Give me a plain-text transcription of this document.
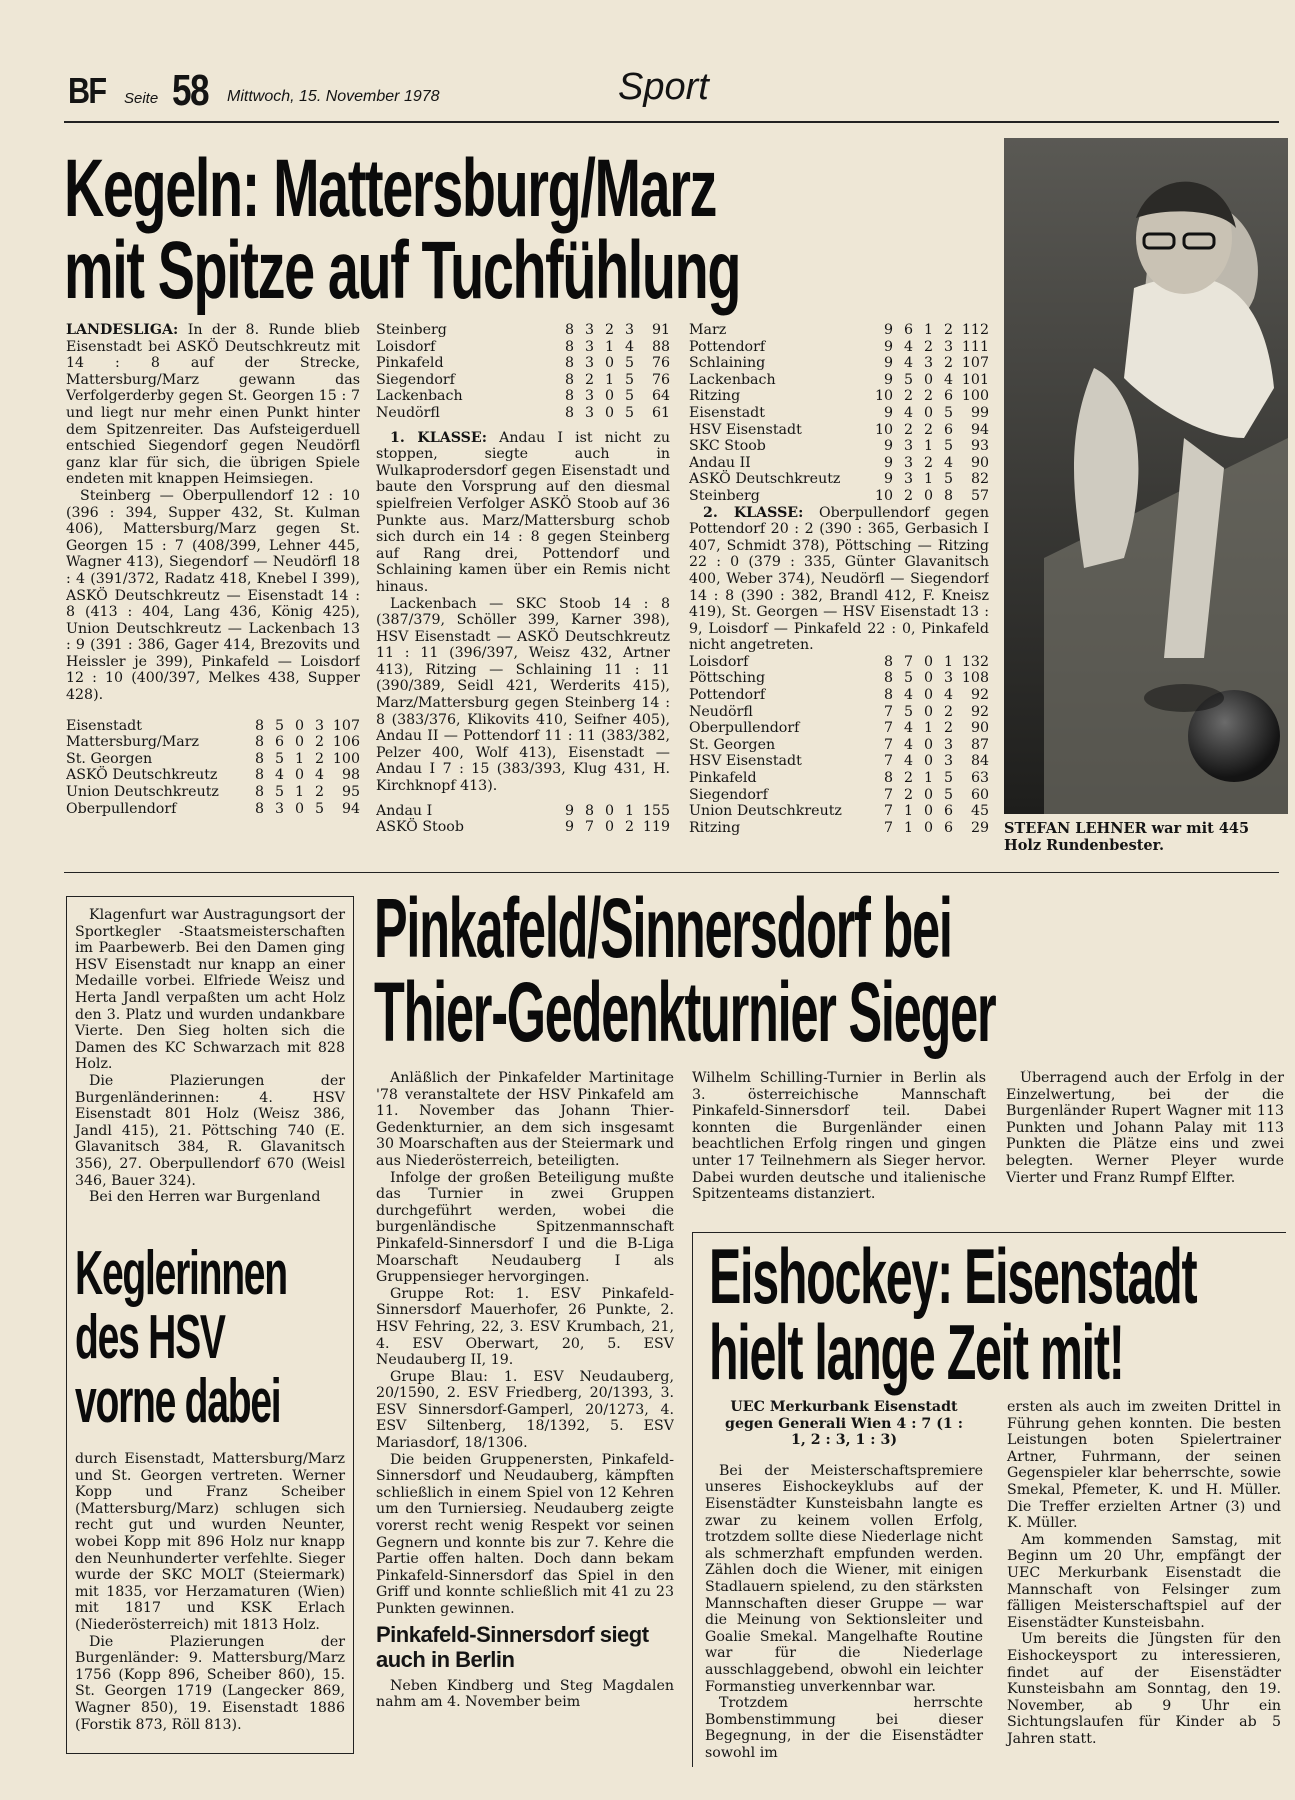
BF Seite 58 Mittwoch, 15. November 1978	Sport
Kegeln: Mattersburg/Marz
mit Spitze auf Tuchfühlung
STEFAN LEHNER war mit 445 Holz Rundenbester.

LANDESLIGA: In der 8. Runde blieb Eisenstadt bei ASKÖ Deutschkreutz mit 14 : 8 auf der Strecke, Mattersburg/Marz gewann das Verfolgerderby gegen St. Georgen 15 : 7 und liegt nur mehr einen Punkt hinter dem Spitzenreiter. Das Aufsteigerduell entschied Siegendorf gegen Neudörfl ganz klar für sich, die übrigen Spiele endeten mit knappen Heimsiegen.

Steinberg — Oberpullendorf 12 : 10 (396 : 394, Supper 432, St. Kulman 406), Mattersburg/Marz gegen St. Georgen 15 : 7 (408/399, Lehner 445, Wagner 413), Siegendorf — Neudörfl 18 : 4 (391/372, Radatz 418, Knebel I 399), ASKÖ Deutschkreutz — Eisenstadt 14 : 8 (413 : 404, Lang 436, König 425), Union Deutschkreutz — Lackenbach 13 : 9 (391 : 386, Gager 414, Brezovits und Heissler je 399), Pinkafeld — Loisdorf 12 : 10 (400/397, Melkes 438, Supper 428).

Eisenstadt	8	5	0	3	107
Mattersburg/Marz	8	6	0	2	106
St. Georgen	8	5	1	2	100
ASKÖ Deutschkreutz	8	4	0	4	98
Union Deutschkreutz	8	5	1	2	95
Oberpullendorf	8	3	0	5	94
Steinberg	8	3	2	3	91
Loisdorf	8	3	1	4	88
Pinkafeld	8	3	0	5	76
Siegendorf	8	2	1	5	76
Lackenbach	8	3	0	5	64
Neudörfl	8	3	0	5	61

1. KLASSE: Andau I ist nicht zu stoppen, siegte auch in Wulkaprodersdorf gegen Eisenstadt und baute den Vorsprung auf den diesmal spielfreien Verfolger ASKÖ Stoob auf 36 Punkte aus. Marz/Mattersburg schob sich durch ein 14 : 8 gegen Steinberg auf Rang drei, Pottendorf und Schlaining kamen über ein Remis nicht hinaus.

Lackenbach — SKC Stoob 14 : 8 (387/379, Schöller 399, Karner 398), HSV Eisenstadt — ASKÖ Deutschkreutz 11 : 11 (396/397, Weisz 432, Artner 413), Ritzing — Schlaining 11 : 11 (390/389, Seidl 421, Werderits 415), Marz/Mattersburg gegen Steinberg 14 : 8 (383/376, Klikovits 410, Seifner 405), Andau II — Pottendorf 11 : 11 (383/382, Pelzer 400, Wolf 413), Eisenstadt — Andau I 7 : 15 (383/393, Klug 431, H. Kirchknopf 413).

Andau I	9	8	0	1	155
ASKÖ Stoob	9	7	0	2	119
Marz	9	6	1	2	112
Pottendorf	9	4	2	3	111
Schlaining	9	4	3	2	107
Lackenbach	9	5	0	4	101
Ritzing	10	2	2	6	100
Eisenstadt	9	4	0	5	99
HSV Eisenstadt	10	2	2	6	94
SKC Stoob	9	3	1	5	93
Andau II	9	3	2	4	90
ASKÖ Deutschkreutz	9	3	1	5	82
Steinberg	10	2	0	8	57

2. KLASSE: Oberpullendorf gegen Pottendorf 20 : 2 (390 : 365, Gerbasich I 407, Schmidt 378), Pöttsching — Ritzing 22 : 0 (379 : 335, Günter Glavanitsch 400, Weber 374), Neudörfl — Siegendorf 14 : 8 (390 : 382, Brandl 412, F. Kneisz 419), St. Georgen — HSV Eisenstadt 13 : 9, Loisdorf — Pinkafeld 22 : 0, Pinkafeld nicht angetreten.

Loisdorf	8	7	0	1	132
Pöttsching	8	5	0	3	108
Pottendorf	8	4	0	4	92
Neudörfl	7	5	0	2	92
Oberpullendorf	7	4	1	2	90
St. Georgen	7	4	0	3	87
HSV Eisenstadt	7	4	0	3	84
Pinkafeld	8	2	1	5	63
Siegendorf	7	2	0	5	60
Union Deutschkreutz	7	1	0	6	45
Ritzing	7	1	0	6	29

Klagenfurt war Austragungsort der Sportkegler -Staatsmeisterschaften im Paarbewerb. Bei den Damen ging HSV Eisenstadt nur knapp an einer Medaille vorbei. Elfriede Weisz und Herta Jandl verpaßten um acht Holz den 3. Platz und wurden undankbare Vierte. Den Sieg holten sich die Damen des KC Schwarzach mit 828 Holz.

Die Plazierungen der Burgenländerinnen: 4. HSV Eisenstadt 801 Holz (Weisz 386, Jandl 415), 21. Pöttsching 740 (E. Glavanitsch 384, R. Glavanitsch 356), 27. Oberpullendorf 670 (Weisl 346, Bauer 324).

Bei den Herren war Burgenland

Keglerinnen
des HSV
vorne dabei

durch Eisenstadt, Mattersburg/Marz und St. Georgen vertreten. Werner Kopp und Franz Scheiber (Mattersburg/Marz) schlugen sich recht gut und wurden Neunter, wobei Kopp mit 896 Holz nur knapp den Neunhunderter verfehlte. Sieger wurde der SKC MOLT (Steiermark) mit 1835, vor Herzamaturen (Wien) mit 1817 und KSK Erlach (Niederösterreich) mit 1813 Holz.

Die Plazierungen der Burgenländer: 9. Mattersburg/Marz 1756 (Kopp 896, Scheiber 860), 15. St. Georgen 1719 (Langecker 869, Wagner 850), 19. Eisenstadt 1886 (Forstik 873, Röll 813).

Pinkafeld/Sinnersdorf bei
Thier-Gedenkturnier Sieger

Anläßlich der Pinkafelder Martinitage '78 veranstaltete der HSV Pinkafeld am 11. November das Johann Thier-Gedenkturnier, an dem sich insgesamt 30 Moarschaften aus der Steiermark und aus Niederösterreich, beteiligten.

Infolge der großen Beteiligung mußte das Turnier in zwei Gruppen durchgeführt werden, wobei die burgenländische Spitzenmannschaft Pinkafeld-Sinnersdorf I und die B-Liga Moarschaft Neudauberg I als Gruppensieger hervorgingen.

Gruppe Rot: 1. ESV Pinkafeld-Sinnersdorf Mauerhofer, 26 Punkte, 2. HSV Fehring, 22, 3. ESV Krumbach, 21, 4. ESV Oberwart, 20, 5. ESV Neudauberg II, 19.

Grupe Blau: 1. ESV Neudauberg, 20/1590, 2. ESV Friedberg, 20/1393, 3. ESV Sinnersdorf-Gamperl, 20/1273, 4. ESV Siltenberg, 18/1392, 5. ESV Mariasdorf, 18/1306.

Die beiden Gruppenersten, Pinkafeld-Sinnersdorf und Neudauberg, kämpften schließlich in einem Spiel von 12 Kehren um den Turniersieg. Neudauberg zeigte vorerst recht wenig Respekt vor seinen Gegnern und konnte bis zur 7. Kehre die Partie offen halten. Doch dann bekam Pinkafeld-Sinnersdorf das Spiel in den Griff und konnte schließlich mit 41 zu 23 Punkten gewinnen.

Pinkafeld-Sinnersdorf siegt auch in Berlin

Neben Kindberg und Steg Magdalen nahm am 4. November beim

Wilhelm Schilling-Turnier in Berlin als 3. österreichische Mannschaft Pinkafeld-Sinnersdorf teil. Dabei konnten die Burgenländer einen beachtlichen Erfolg ringen und gingen unter 17 Teilnehmern als Sieger hervor. Dabei wurden deutsche und italienische Spitzenteams distanziert.

Überragend auch der Erfolg in der Einzelwertung, bei der die Burgenländer Rupert Wagner mit 113 Punkten und Johann Palay mit 113 Punkten die Plätze eins und zwei belegten. Werner Pleyer wurde Vierter und Franz Rumpf Elfter.

Eishockey: Eisenstadt
hielt lange Zeit mit!

UEC Merkurbank Eisenstadt gegen Generali Wien 4 : 7 (1 : 1, 2 : 3, 1 : 3)

Bei der Meisterschaftspremiere unseres Eishockeyklubs auf der Eisenstädter Kunsteisbahn langte es zwar zu keinem vollen Erfolg, trotzdem sollte diese Niederlage nicht als schmerzhaft empfunden werden. Zählen doch die Wiener, mit einigen Stadlauern spielend, zu den stärksten Mannschaften dieser Gruppe — war die Meinung von Sektionsleiter und Goalie Smekal. Mangelhafte Routine war für die Niederlage ausschlaggebend, obwohl ein leichter Formanstieg unverkennbar war.

Trotzdem herrschte Bombenstimmung bei dieser Begegnung, in der die Eisenstädter sowohl im

ersten als auch im zweiten Drittel in Führung gehen konnten. Die besten Leistungen boten Spielertrainer Artner, Fuhrmann, der seinen Gegenspieler klar beherrschte, sowie Smekal, Pfemeter, K. und H. Müller. Die Treffer erzielten Artner (3) und K. Müller.

Am kommenden Samstag, mit Beginn um 20 Uhr, empfängt der UEC Merkurbank Eisenstadt die Mannschaft von Felsinger zum fälligen Meisterschaftspiel auf der Eisenstädter Kunsteisbahn.

Um bereits die Jüngsten für den Eishockeysport zu interessieren, findet auf der Eisenstädter Kunsteisbahn am Sonntag, den 19. November, ab 9 Uhr ein Sichtungslaufen für Kinder ab 5 Jahren statt.
